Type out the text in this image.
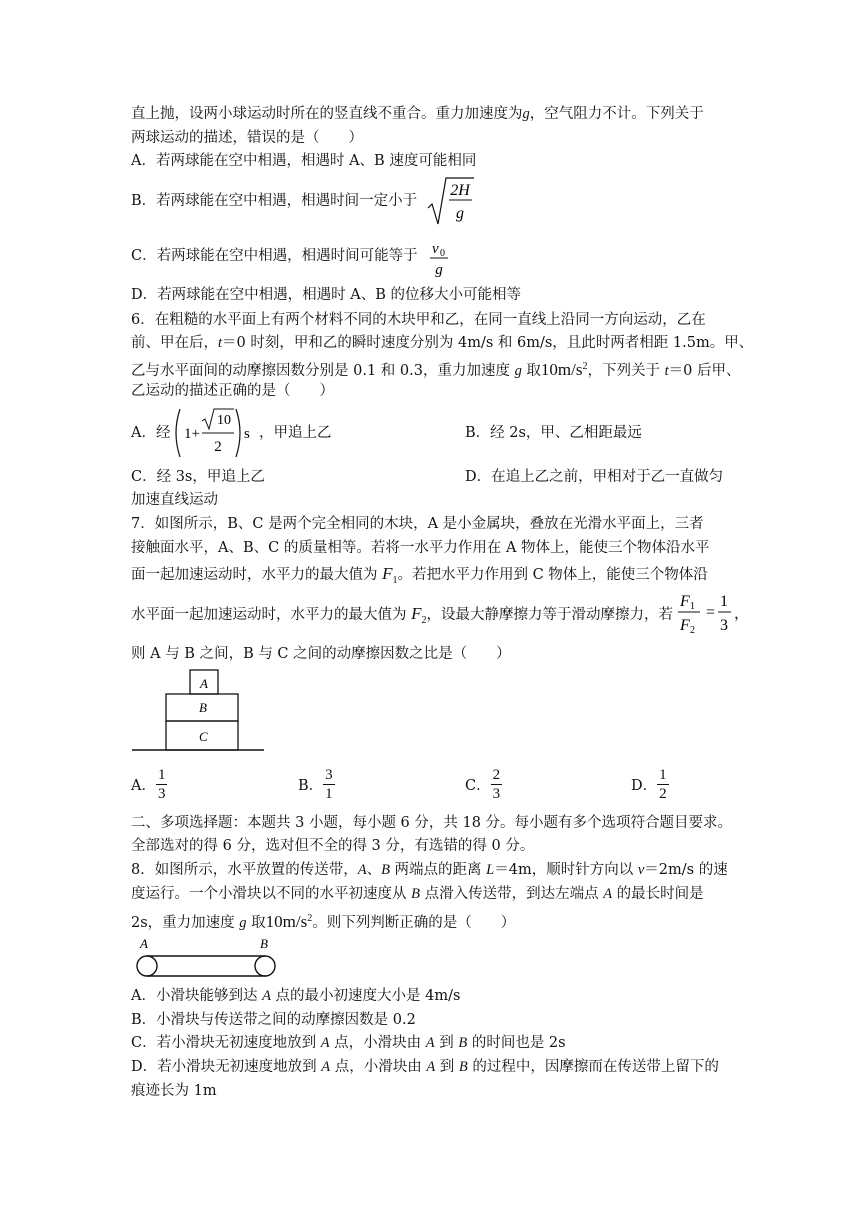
直上抛，设两小球运动时所在的竖直线不重合。重力加速度为g，空气阻力不计。下列关于
两球运动的描述，错误的是（　　）
A．若两球能在空中相遇，相遇时 A、B 速度可能相同
B．若两球能在空中相遇，相遇时间一定小于
2H
g
C．若两球能在空中相遇，相遇时间可能等于 v 0
g
D．若两球能在空中相遇，相遇时 A、B 的位移大小可能相等
6．在粗糙的水平面上有两个材料不同的木块甲和乙，在同一直线上沿同一方向运动，乙在
前、甲在后，t＝0 时刻，甲和乙的瞬时速度分别为 4m/s 和 6m/s，且此时两者相距 1.5m。甲、
乙与水平面间的动摩擦因数分别是 0.1 和 0.3，重力加速度 g 取$10m/s^2$，下列关于 t＝0 后甲、
乙运动的描述正确的是（　　）
A．经 1+
10
2
s ，甲追上乙	B．经 2s，甲、乙相距最远
C．经 3s，甲追上乙	D．在追上乙之前，甲相对于乙一直做匀
加速直线运动
7．如图所示，B、C 是两个完全相同的木块，A 是小金属块，叠放在光滑水平面上，三者
接触面水平，A、B、C 的质量相等。若将一水平力作用在 A 物体上，能使三个物体沿水平
面一起加速运动时，水平力的最大值为 $F_1$。若把水平力作用到 C 物体上，能使三个物体沿
水平面一起加速运动时，水平力的最大值为 $F_2$，设最大静摩擦力等于滑动摩擦力，若
F 1
F 2
=
1
3
，
则 A 与 B 之间，B 与 C 之间的动摩擦因数之比是（　　）
A
B
C
A． $\frac{1}{3}$	B． $\frac{3}{1}$	C． $\frac{2}{3}$	D． $\frac{1}{2}$
二、多项选择题：本题共 3 小题，每小题 6 分，共 18 分。每小题有多个选项符合题目要求。
全部选对的得 6 分，选对但不全的得 3 分，有选错的得 0 分。
8．如图所示，水平放置的传送带，A、B 两端点的距离 L＝4m，顺时针方向以 v＝2m/s 的速
度运行。一个小滑块以不同的水平初速度从 B 点滑入传送带，到达左端点 A 的最长时间是
2s，重力加速度 g 取$10m/s^2$。则下列判断正确的是（　　）
A	B
A．小滑块能够到达 A 点的最小初速度大小是 4m/s
B．小滑块与传送带之间的动摩擦因数是 0.2
C．若小滑块无初速度地放到 A 点，小滑块由 A 到 B 的时间也是 2s
D．若小滑块无初速度地放到 A 点，小滑块由 A 到 B 的过程中，因摩擦而在传送带上留下的
痕迹长为 1m
